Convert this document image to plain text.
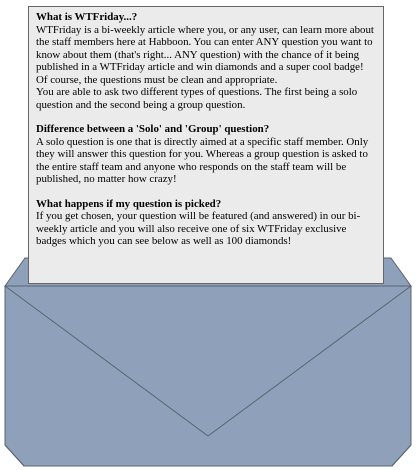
What is WTFriday...?

WTFriday is a bi-weekly article where you, or any user, can learn more about the staff members here at Habboon. You can enter ANY question you want to know about them (that's right... ANY question) with the chance of it being published in a WTFriday article and win diamonds and a super cool badge! Of course, the questions must be clean and appropriate.

You are able to ask two different types of questions. The first being a solo question and the second being a group question.

Difference between a 'Solo' and 'Group' question?

A solo question is one that is directly aimed at a specific staff member. Only they will answer this question for you. Whereas a group question is asked to the entire staff team and anyone who responds on the staff team will be published, no matter how crazy!

What happens if my question is picked?

If you get chosen, your question will be featured (and answered) in our bi-weekly article and you will also receive one of six WTFriday exclusive badges which you can see below as well as 100 diamonds!
